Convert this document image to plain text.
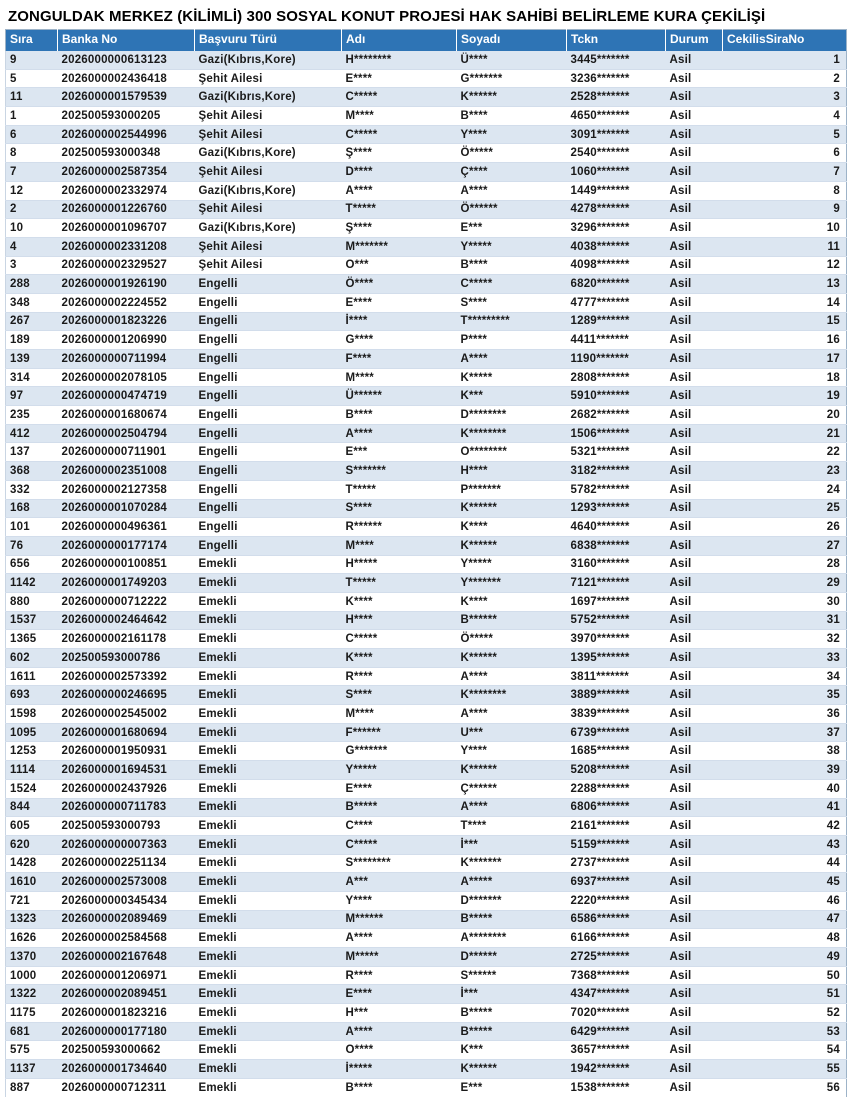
ZONGULDAK MERKEZ (KİLİMLİ) 300 SOSYAL KONUT PROJESİ HAK SAHİBİ BELİRLEME KURA ÇEKİLİŞİ
Sıra	Banka No	Başvuru Türü	Adı	Soyadı	Tckn	Durum	CekilisSiraNo
9	2026000000613123	Gazi(Kıbrıs,Kore)	H********	Ü****	3445*******	Asil	1
5	2026000002436418	Şehit Ailesi	E****	G*******	3236*******	Asil	2
11	2026000001579539	Gazi(Kıbrıs,Kore)	C*****	K******	2528*******	Asil	3
1	202500593000205	Şehit Ailesi	M****	B****	4650*******	Asil	4
6	2026000002544996	Şehit Ailesi	C*****	Y****	3091*******	Asil	5
8	202500593000348	Gazi(Kıbrıs,Kore)	Ş****	Ö*****	2540*******	Asil	6
7	2026000002587354	Şehit Ailesi	D****	Ç****	1060*******	Asil	7
12	2026000002332974	Gazi(Kıbrıs,Kore)	A****	A****	1449*******	Asil	8
2	2026000001226760	Şehit Ailesi	T*****	Ö******	4278*******	Asil	9
10	2026000001096707	Gazi(Kıbrıs,Kore)	Ş****	E***	3296*******	Asil	10
4	2026000002331208	Şehit Ailesi	M*******	Y*****	4038*******	Asil	11
3	2026000002329527	Şehit Ailesi	O***	B****	4098*******	Asil	12
288	2026000001926190	Engelli	Ö****	C*****	6820*******	Asil	13
348	2026000002224552	Engelli	E****	S****	4777*******	Asil	14
267	2026000001823226	Engelli	İ****	T*********	1289*******	Asil	15
189	2026000001206990	Engelli	G****	P****	4411*******	Asil	16
139	2026000000711994	Engelli	F****	A****	1190*******	Asil	17
314	2026000002078105	Engelli	M****	K*****	2808*******	Asil	18
97	2026000000474719	Engelli	Ü******	K***	5910*******	Asil	19
235	2026000001680674	Engelli	B****	D********	2682*******	Asil	20
412	2026000002504794	Engelli	A****	K********	1506*******	Asil	21
137	2026000000711901	Engelli	E***	O********	5321*******	Asil	22
368	2026000002351008	Engelli	S*******	H****	3182*******	Asil	23
332	2026000002127358	Engelli	T*****	P*******	5782*******	Asil	24
168	2026000001070284	Engelli	S****	K******	1293*******	Asil	25
101	2026000000496361	Engelli	R******	K****	4640*******	Asil	26
76	2026000000177174	Engelli	M****	K******	6838*******	Asil	27
656	2026000000100851	Emekli	H*****	Y*****	3160*******	Asil	28
1142	2026000001749203	Emekli	T*****	Y*******	7121*******	Asil	29
880	2026000000712222	Emekli	K****	K****	1697*******	Asil	30
1537	2026000002464642	Emekli	H****	B******	5752*******	Asil	31
1365	2026000002161178	Emekli	C*****	Ö*****	3970*******	Asil	32
602	202500593000786	Emekli	K****	K******	1395*******	Asil	33
1611	2026000002573392	Emekli	R****	A****	3811*******	Asil	34
693	2026000000246695	Emekli	S****	K********	3889*******	Asil	35
1598	2026000002545002	Emekli	M****	A****	3839*******	Asil	36
1095	2026000001680694	Emekli	F******	U***	6739*******	Asil	37
1253	2026000001950931	Emekli	G*******	Y****	1685*******	Asil	38
1114	2026000001694531	Emekli	Y*****	K******	5208*******	Asil	39
1524	2026000002437926	Emekli	E****	Ç******	2288*******	Asil	40
844	2026000000711783	Emekli	B*****	A****	6806*******	Asil	41
605	202500593000793	Emekli	C****	T****	2161*******	Asil	42
620	2026000000007363	Emekli	C*****	İ***	5159*******	Asil	43
1428	2026000002251134	Emekli	S********	K*******	2737*******	Asil	44
1610	2026000002573008	Emekli	A***	A*****	6937*******	Asil	45
721	2026000000345434	Emekli	Y****	D*******	2220*******	Asil	46
1323	2026000002089469	Emekli	M******	B*****	6586*******	Asil	47
1626	2026000002584568	Emekli	A****	A********	6166*******	Asil	48
1370	2026000002167648	Emekli	M*****	D******	2725*******	Asil	49
1000	2026000001206971	Emekli	R****	S******	7368*******	Asil	50
1322	2026000002089451	Emekli	E****	İ***	4347*******	Asil	51
1175	2026000001823216	Emekli	H***	B*****	7020*******	Asil	52
681	2026000000177180	Emekli	A****	B*****	6429*******	Asil	53
575	202500593000662	Emekli	O****	K***	3657*******	Asil	54
1137	2026000001734640	Emekli	İ*****	K******	1942*******	Asil	55
887	2026000000712311	Emekli	B****	E***	1538*******	Asil	56
